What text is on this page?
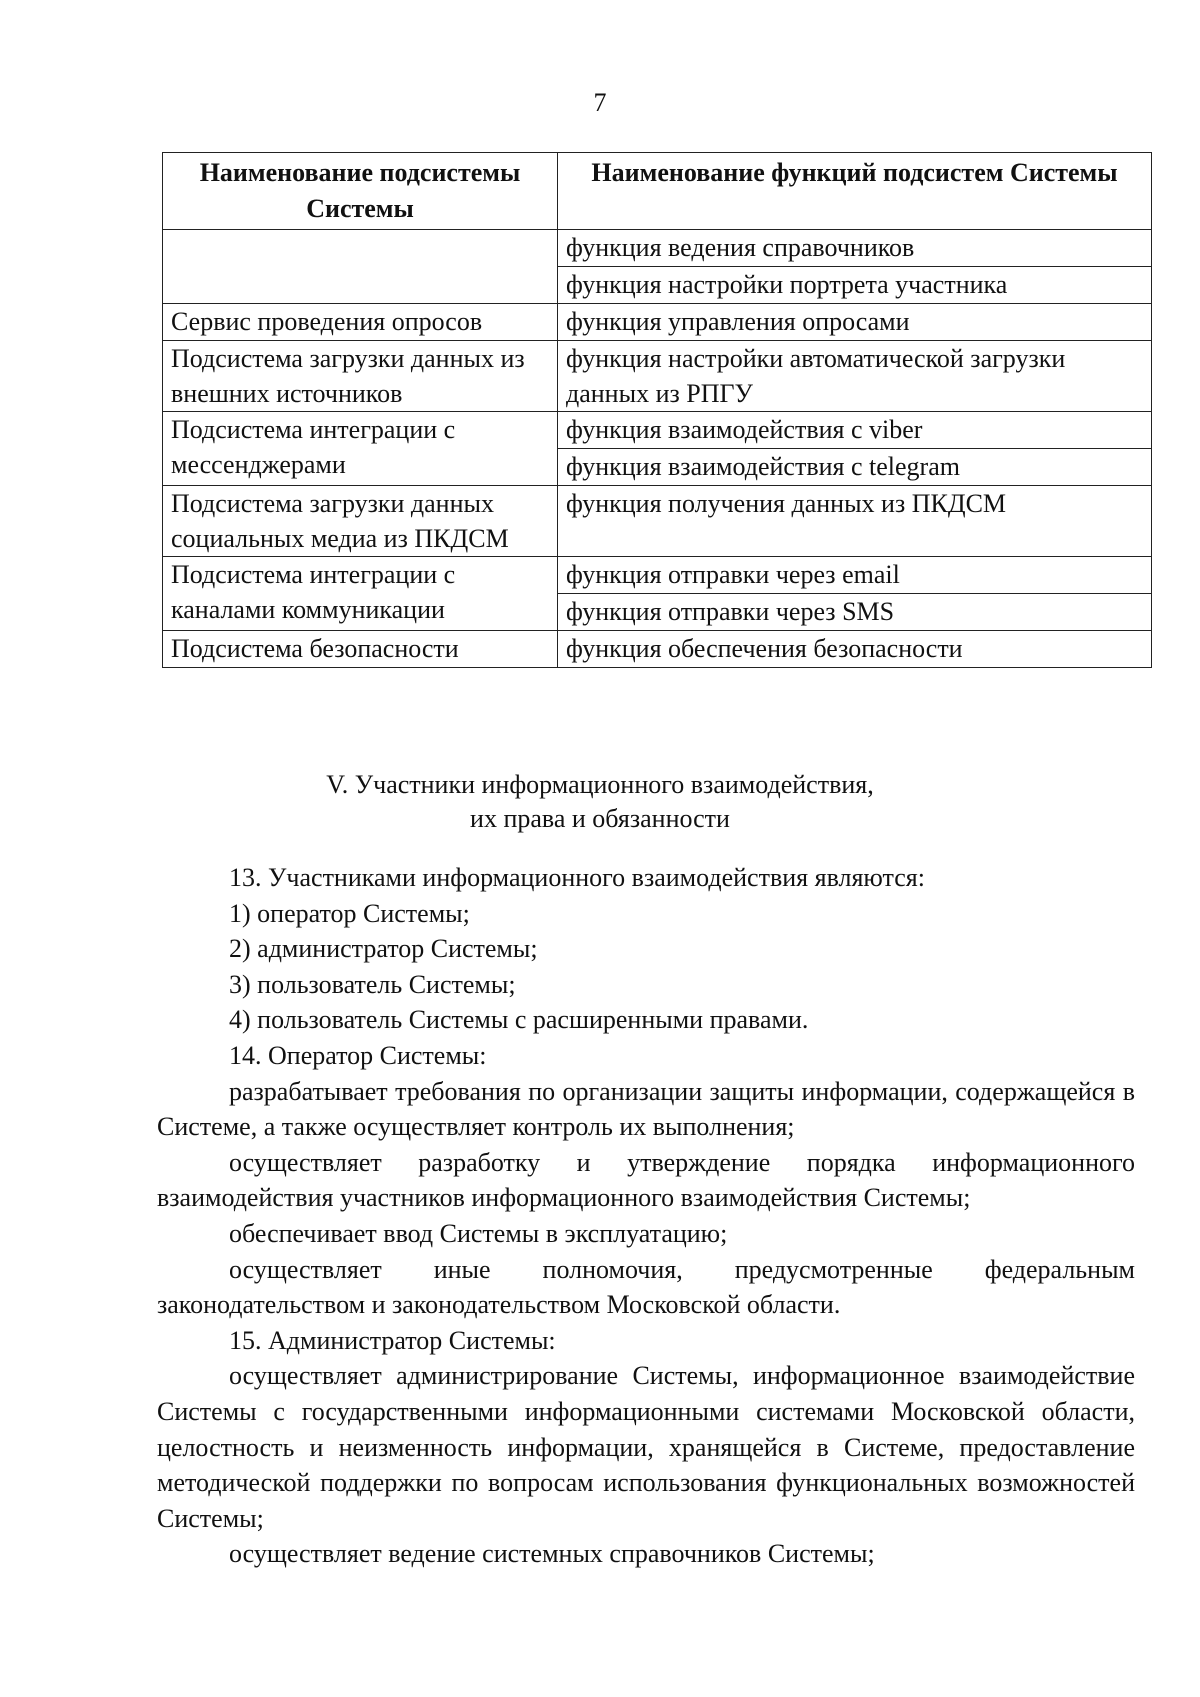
7
Наименование подсистемы Системы	Наименование функций подсистем Системы
	функция ведения справочников
	функция настройки портрета участника
Сервис проведения опросов	функция управления опросами
Подсистема загрузки данных из внешних источников	функция настройки автоматической загрузки данных из РПГУ
Подсистема интеграции с мессенджерами	функция взаимодействия с viber
	функция взаимодействия с telegram
Подсистема загрузки данных социальных медиа из ПКДСМ	функция получения данных из ПКДСМ
Подсистема интеграции с каналами коммуникации	функция отправки через email
	функция отправки через SMS
Подсистема безопасности	функция обеспечения безопасности
V. Участники информационного взаимодействия,
их права и обязанности

13. Участниками информационного взаимодействия являются:

1) оператор Системы;

2) администратор Системы;

3) пользователь Системы;

4) пользователь Системы с расширенными правами.

14. Оператор Системы:

разрабатывает требования по организации защиты информации, содержащейся в Системе, а также осуществляет контроль их выполнения;

осуществляет разработку и утверждение порядка информационного взаимодействия участников информационного взаимодействия Системы;

обеспечивает ввод Системы в эксплуатацию;

осуществляет иные полномочия, предусмотренные федеральным законодательством и законодательством Московской области.

15. Администратор Системы:

осуществляет администрирование Системы, информационное взаимодействие Системы с государственными информационными системами Московской области, целостность и неизменность информации, хранящейся в Системе, предоставление методической поддержки по вопросам использования функциональных возможностей Системы;

осуществляет ведение системных справочников Системы;
